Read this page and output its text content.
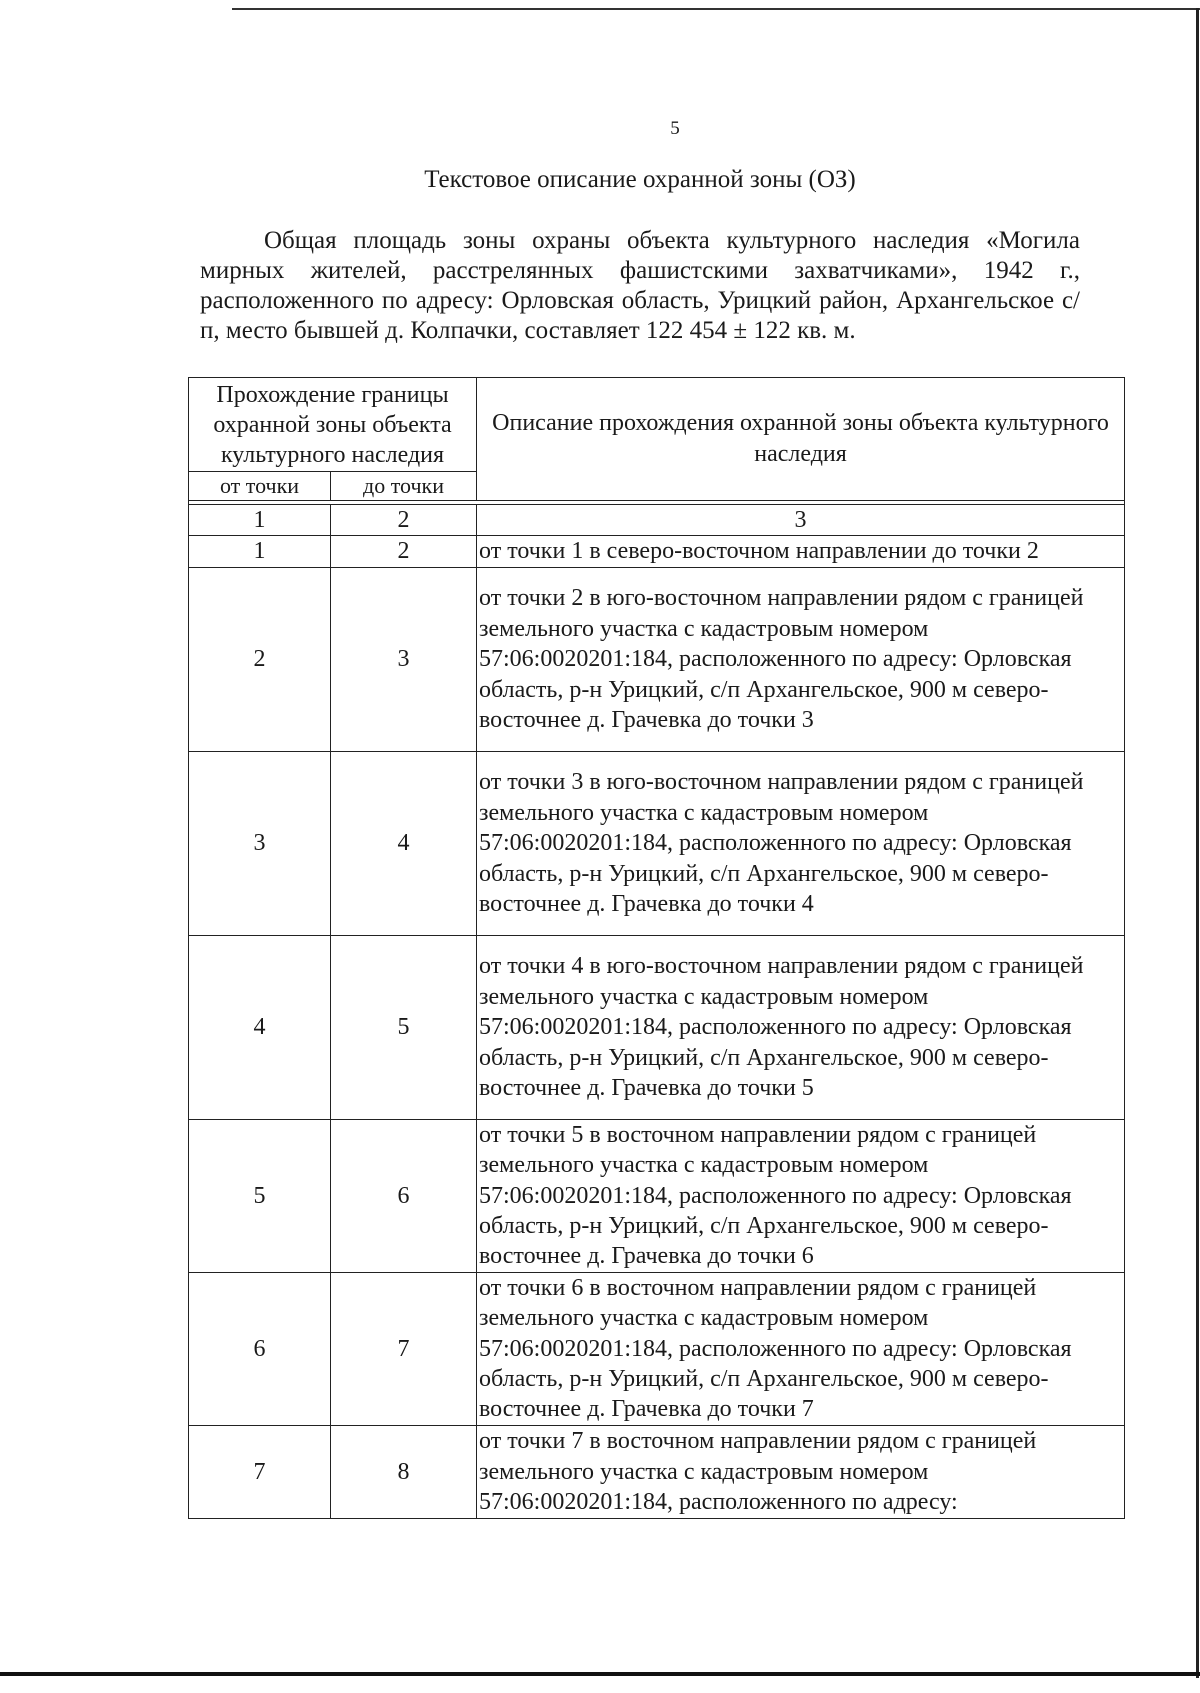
5
Текстовое описание охранной зоны (ОЗ)
Общая площадь зоны охраны объекта культурного наследия «Могила мирных жителей, расстрелянных фашистскими захватчиками», 1942 г., расположенного по адресу: Орловская область, Урицкий район, Архангельское с/п, место бывшей д. Колпачки, составляет 122 454 ± 122 кв. м.
Прохождение границы охранной зоны объекта культурного наследия		Описание прохождения охранной зоны объекта культурного наследия
от точки	до точки	

1	2	3
1	2	от точки 1 в северо-восточном направлении до точки 2
2	3	от точки 2 в юго-восточном направлении рядом с границей земельного участка с кадастровым номером 57:06:0020201:184, расположенного по адресу: Орловская область, р-н Урицкий, с/п Архангельское, 900 м северо-восточнее д. Грачевка до точки 3
3	4	от точки 3 в юго-восточном направлении рядом с границей земельного участка с кадастровым номером 57:06:0020201:184, расположенного по адресу: Орловская область, р-н Урицкий, с/п Архангельское, 900 м северо-восточнее д. Грачевка до точки 4
4	5	от точки 4 в юго-восточном направлении рядом с границей земельного участка с кадастровым номером 57:06:0020201:184, расположенного по адресу: Орловская область, р-н Урицкий, с/п Архангельское, 900 м северо-восточнее д. Грачевка до точки 5
5	6	от точки 5 в восточном направлении рядом с границей земельного участка с кадастровым номером 57:06:0020201:184, расположенного по адресу: Орловская область, р-н Урицкий, с/п Архангельское, 900 м северо-восточнее д. Грачевка до точки 6
6	7	от точки 6 в восточном направлении рядом с границей земельного участка с кадастровым номером 57:06:0020201:184, расположенного по адресу: Орловская область, р-н Урицкий, с/п Архангельское, 900 м северо-восточнее д. Грачевка до точки 7
7	8	от точки 7 в восточном направлении рядом с границей земельного участка с кадастровым номером 57:06:0020201:184, расположенного по адресу:
